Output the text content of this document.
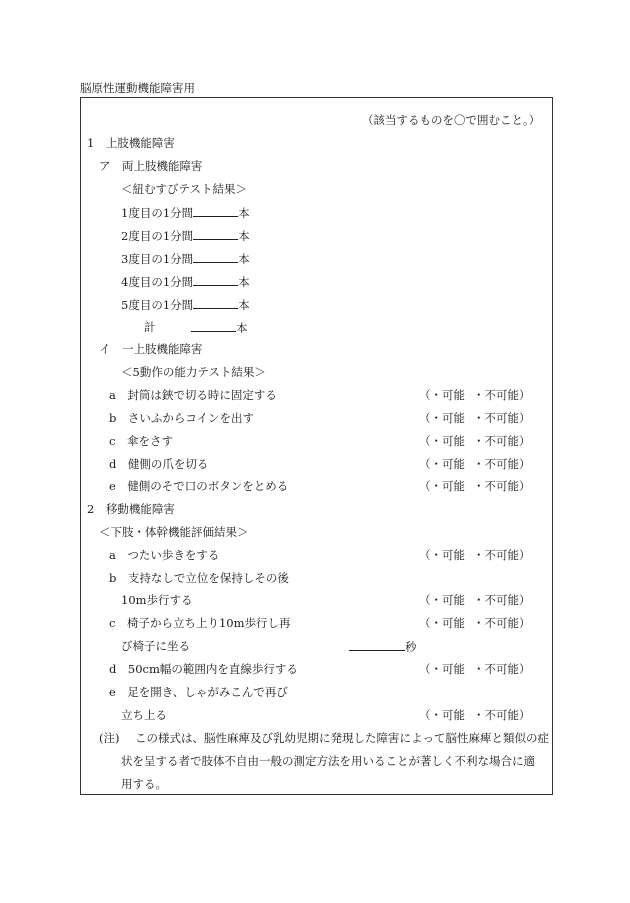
脳原性運動機能障害用
（該当するものを〇で囲むこと。）
1　上肢機能障害
ア　両上肢機能障害
＜紐むすびテスト結果＞
1度目の1分間	本
2度目の1分間	本
3度目の1分間	本
4度目の1分間	本
5度目の1分間	本
計	本
イ　一上肢機能障害
＜5動作の能力テスト結果＞
a　 封筒は鋏で切る時に固定する	（・可能 ・不可能）
b　 さいふからコインを出す	（・可能 ・不可能）
c　 傘をさす	（・可能 ・不可能）
d　 健側の爪を切る	（・可能 ・不可能）
e　 健側のそで口のボタンをとめる	（・可能 ・不可能）
2　移動機能障害
＜下肢・体幹機能評価結果＞
a　 つたい歩きをする	（・可能 ・不可能）
b　 支持なしで立位を保持しその後
10m歩行する	（・可能 ・不可能）
c　 椅子から立ち上り10m歩行し再	（・可能 ・不可能）
び椅子に坐る	秒
d　 50cm幅の範囲内を直線歩行する	（・可能 ・不可能）
e　 足を開き、しゃがみこんで再び
立ち上る	（・可能 ・不可能）
(注) この様式は、脳性麻痺及び乳幼児期に発現した障害によって脳性麻痺と類似の症
状を呈する者で肢体不自由一般の測定方法を用いることが著しく不利な場合に適
用する。
